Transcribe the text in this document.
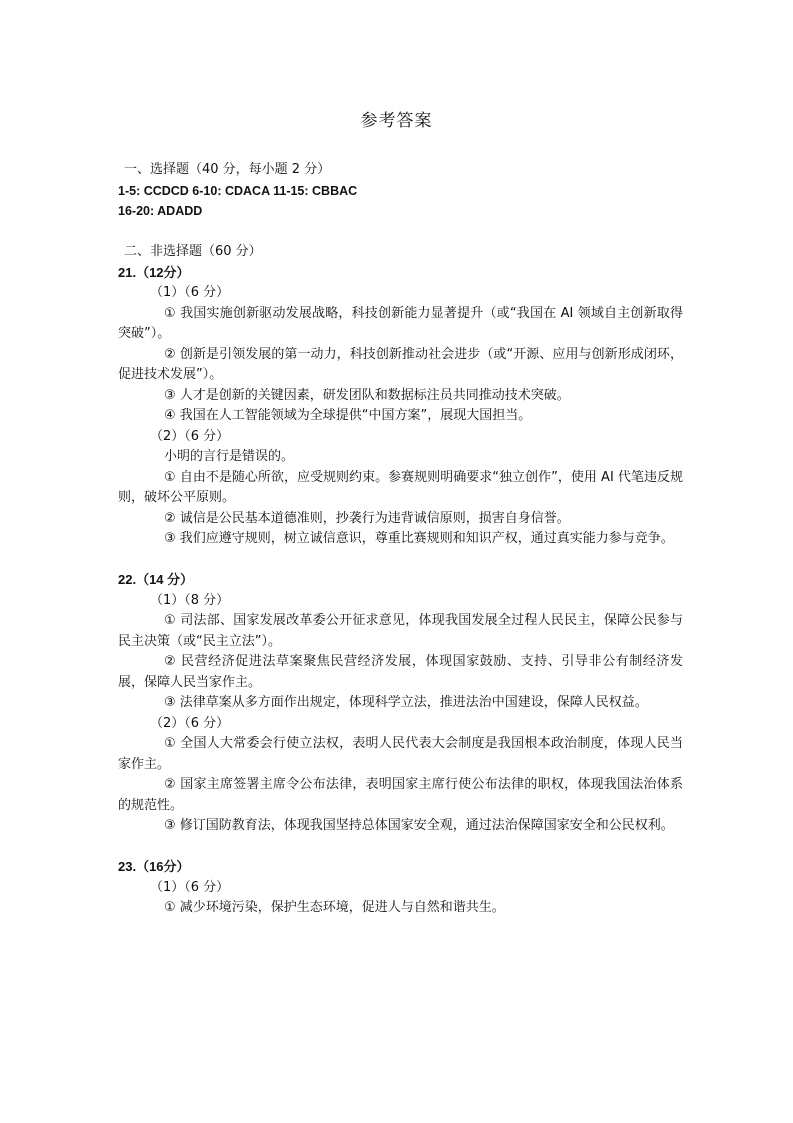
参考答案
一、选择题（40 分，每小题 2 分）
1-5: CCDCD 6-10: CDACA 11-15: CBBAC
16-20: ADADD
二、非选择题（60 分）
21.（12分）
（1）（6 分）
① 我国实施创新驱动发展战略，科技创新能力显著提升（或“我国在 AI 领域自主创新取得突破”）。
② 创新是引领发展的第一动力，科技创新推动社会进步（或“开源、应用与创新形成闭环，促进技术发展”）。
③ 人才是创新的关键因素，研发团队和数据标注员共同推动技术突破。
④ 我国在人工智能领域为全球提供“中国方案”，展现大国担当。
（2）（6 分）
小明的言行是错误的。
① 自由不是随心所欲，应受规则约束。参赛规则明确要求“独立创作”，使用 AI 代笔违反规则，破坏公平原则。
② 诚信是公民基本道德准则，抄袭行为违背诚信原则，损害自身信誉。
③ 我们应遵守规则，树立诚信意识，尊重比赛规则和知识产权，通过真实能力参与竞争。
22.（14 分）
（1）（8 分）
① 司法部、国家发展改革委公开征求意见，体现我国发展全过程人民民主，保障公民参与民主决策（或“民主立法”）。
② 民营经济促进法草案聚焦民营经济发展，体现国家鼓励、支持、引导非公有制经济发展，保障人民当家作主。
③ 法律草案从多方面作出规定，体现科学立法，推进法治中国建设，保障人民权益。
（2）（6 分）
① 全国人大常委会行使立法权，表明人民代表大会制度是我国根本政治制度，体现人民当家作主。
② 国家主席签署主席令公布法律，表明国家主席行使公布法律的职权，体现我国法治体系的规范性。
③ 修订国防教育法，体现我国坚持总体国家安全观，通过法治保障国家安全和公民权利。
23.（16分）
（1）（6 分）
① 减少环境污染，保护生态环境，促进人与自然和谐共生。
